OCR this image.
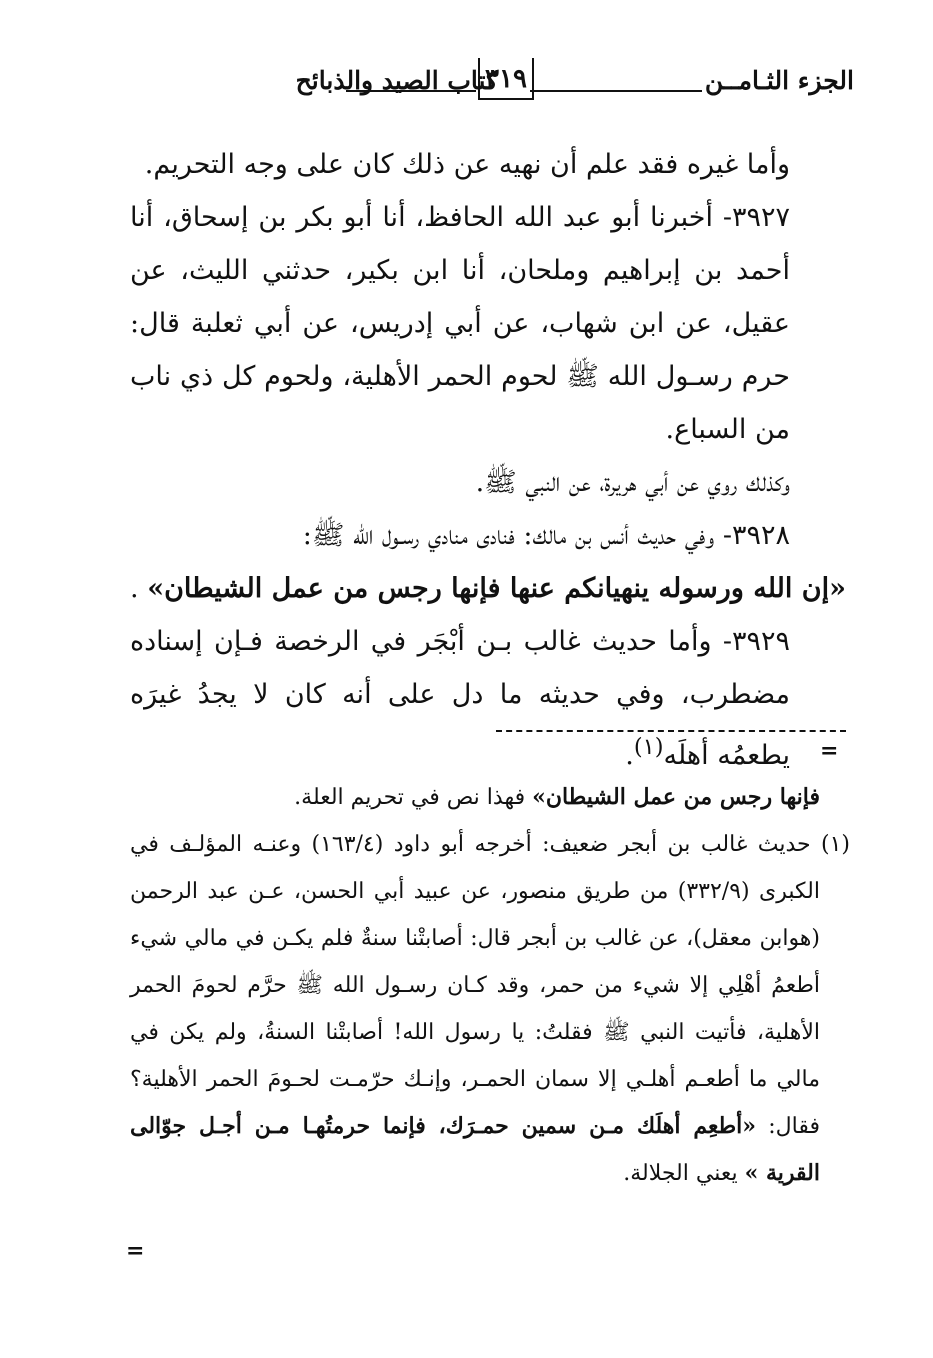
الجزء الثـامــن
٣١٩
كتاب الصيد والذبائح

وأما غيره فقد علم أن نهيه عن ذلك كان على وجه التحريم.

٣٩٢٧- أخبرنا أبو عبد الله الحافظ، أنا أبو بكر بن إسحاق، أنا أحمد بن إبراهيم وملحان، أنا ابن بكير، حدثني الليث، عن عقيل، عن ابن شهاب، عن أبي إدريس، عن أبي ثعلبة قال: حرم رسـول الله ﷺ لحوم الحمر الأهلية، ولحوم كل ذي ناب من السباع.

وكذلك روي عن أبي هريرة، عن النبي ﷺ.

٣٩٢٨- وفي حديث أنس بن مالك: فنادى منادي رسـول الله ﷺ:

«إن الله ورسوله ينهيانكم عنها فإنها رجس من عمل الشيطان» .

٣٩٢٩- وأما حديث غالب بـن أبْجَر في الرخصة فـإن إسناده مضطرب، وفي حديثه ما دل على أنه كان لا يجدُ غيرَه يطعمُه أهلَه$^{(١)}$.	=

فإنها رجس من عمل الشيطان» فهذا نص في تحريم العلة.

(١) حديث غالب بن أبجر ضعيف: أخرجه أبو داود (١٦٣/٤) وعنـه المؤلـف في الكبرى (٣٣٢/٩) من طريق منصور، عن عبيد أبي الحسن، عـن عبد الرحمن (هوابن معقل)، عن غالب بن أبجر قال: أصابتْنا سنةٌ فلم يكـن في مالي شيء أطعمُ أهْلِي إلا شيء من حمر، وقد كـان رسـول الله ﷺ حرَّم لحومَ الحمر الأهلية، فأتيت النبي ﷺ فقلتُ: يا رسول الله! أصابتْنا السنةُ، ولم يكن في مالي ما أطعـم أهلـي إلا سمان الحمـر، وإنـك حرّمـت لحـومَ الحمر الأهلية؟ فقال: «أطعِم أهلَك مـن سمين حمـرَك، فإنما حرمتُهـا مـن أجـل جوّالى القرية » يعني الجلالة.

=
